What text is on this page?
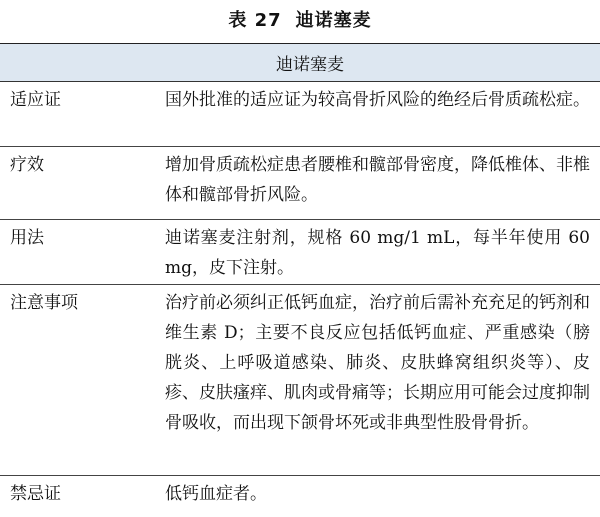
表 27 迪诺塞麦
迪诺塞麦
适应证	国外批准的适应证为较高骨折风险的绝经后骨质疏松症。
疗效	增加骨质疏松症患者腰椎和髋部骨密度，降低椎体、非椎体和髋部骨折风险。
用法	迪诺塞麦注射剂，规格 60 mg/1 mL，每半年使用 60 mg，皮下注射。
注意事项	治疗前必须纠正低钙血症，治疗前后需补充充足的钙剂和维生素 D；主要不良反应包括低钙血症、严重感染（膀胱炎、上呼吸道感染、肺炎、皮肤蜂窝组织炎等）、皮疹、皮肤瘙痒、肌肉或骨痛等；长期应用可能会过度抑制骨吸收，而出现下颌骨坏死或非典型性股骨骨折。
禁忌证	低钙血症者。
